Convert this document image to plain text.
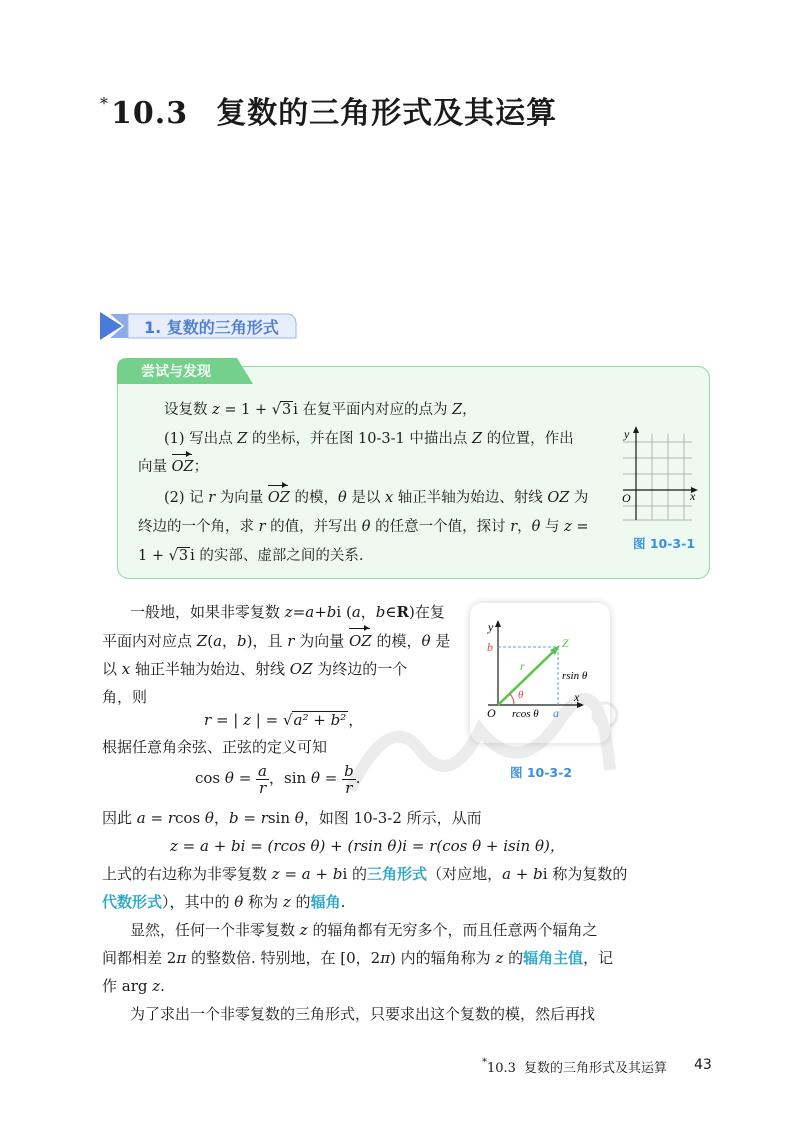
*10.3 复数的三角形式及其运算
1. 复数的三角形式
尝试与发现
设复数 z = 1 + √3 i 在复平面内对应的点为 Z，
(1) 写出点 Z 的坐标，并在图 10-3-1 中描出点 Z 的位置，作出
向量 OZ；
(2) 记 r 为向量 OZ 的模，θ 是以 x 轴正半轴为始边、射线 OZ 为
终边的一个角，求 r 的值，并写出 θ 的任意一个值，探讨 r，θ 与 z =
1 + √3 i 的实部、虚部之间的关系.
y
x
O
图 10-3-1
y
x
O
Z
b
a
r
θ
rsin θ
rcos θ
图 10-3-2
一般地，如果非零复数 z=a+bi (a，b∈R)在复
平面内对应点 Z(a，b)，且 r 为向量 OZ 的模，θ 是
以 x 轴正半轴为始边、射线 OZ 为终边的一个
角，则
r = | z | = √a² + b² ，
根据任意角余弦、正弦的定义可知
$\cos \theta = \frac{a}{r}$ ，$\sin \theta = \frac{b}{r}$ .
因此 a = rcos θ，b = rsin θ，如图 10-3-2 所示，从而
z = a + bi = (rcos θ) + (rsin θ)i = r(cos θ + isin θ)，
上式的右边称为非零复数 z = a + bi 的三角形式（对应地，a + bi 称为复数的
代数形式），其中的 θ 称为 z 的辐角.
显然，任何一个非零复数 z 的辐角都有无穷多个，而且任意两个辐角之
间都相差 2π 的整数倍. 特别地，在 [0，2π) 内的辐角称为 z 的辐角主值，记
作 arg z.
为了求出一个非零复数的三角形式，只要求出这个复数的模，然后再找
*10.3 复数的三角形式及其运算 43
